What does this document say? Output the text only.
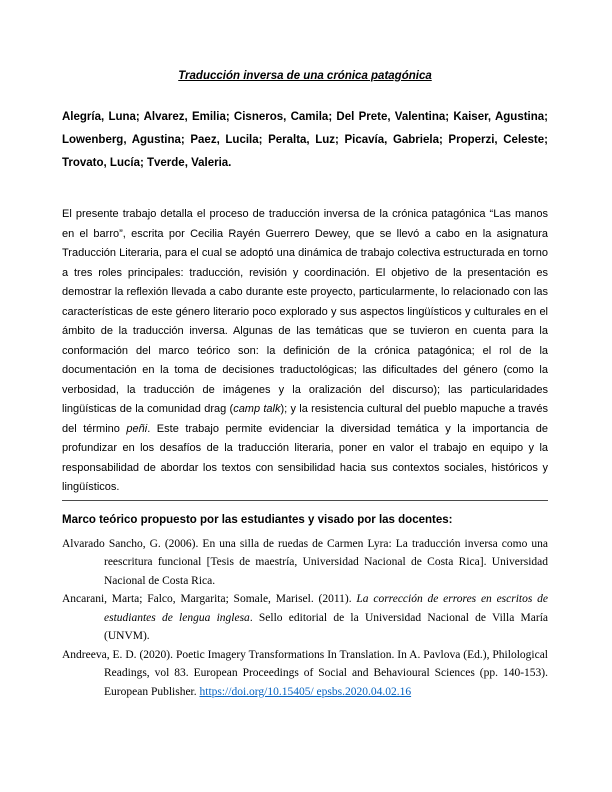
Traducción inversa de una crónica patagónica

Alegría, Luna; Alvarez, Emilia; Cisneros, Camila; Del Prete, Valentina; Kaiser, Agustina; Lowenberg, Agustina; Paez, Lucila; Peralta, Luz; Picavía, Gabriela; Properzi, Celeste; Trovato, Lucía; Tverde, Valeria.

El presente trabajo detalla el proceso de traducción inversa de la crónica patagónica “Las manos en el barro”, escrita por Cecilia Rayén Guerrero Dewey, que se llevó a cabo en la asignatura Traducción Literaria, para el cual se adoptó una dinámica de trabajo colectiva estructurada en torno a tres roles principales: traducción, revisión y coordinación. El objetivo de la presentación es demostrar la reflexión llevada a cabo durante este proyecto, particularmente, lo relacionado con las características de este género literario poco explorado y sus aspectos lingüísticos y culturales en el ámbito de la traducción inversa. Algunas de las temáticas que se tuvieron en cuenta para la conformación del marco teórico son: la definición de la crónica patagónica; el rol de la documentación en la toma de decisiones traductológicas; las dificultades del género (como la verbosidad, la traducción de imágenes y la oralización del discurso); las particularidades lingüísticas de la comunidad drag (camp talk); y la resistencia cultural del pueblo mapuche a través del término peñi. Este trabajo permite evidenciar la diversidad temática y la importancia de profundizar en los desafíos de la traducción literaria, poner en valor el trabajo en equipo y la responsabilidad de abordar los textos con sensibilidad hacia sus contextos sociales, históricos y lingüísticos.

Marco teórico propuesto por las estudiantes y visado por las docentes:

Alvarado Sancho, G. (2006). En una silla de ruedas de Carmen Lyra: La traducción inversa como una reescritura funcional [Tesis de maestría, Universidad Nacional de Costa Rica]. Universidad Nacional de Costa Rica.

Ancarani, Marta; Falco, Margarita; Somale, Marisel. (2011). La corrección de errores en escritos de estudiantes de lengua inglesa. Sello editorial de la Universidad Nacional de Villa María (UNVM).

Andreeva, E. D. (2020). Poetic Imagery Transformations In Translation. In A. Pavlova (Ed.), Philological Readings, vol 83. European Proceedings of Social and Behavioural Sciences (pp. 140-153). European Publisher. https://doi.org/10.15405/ epsbs.2020.04.02.16
